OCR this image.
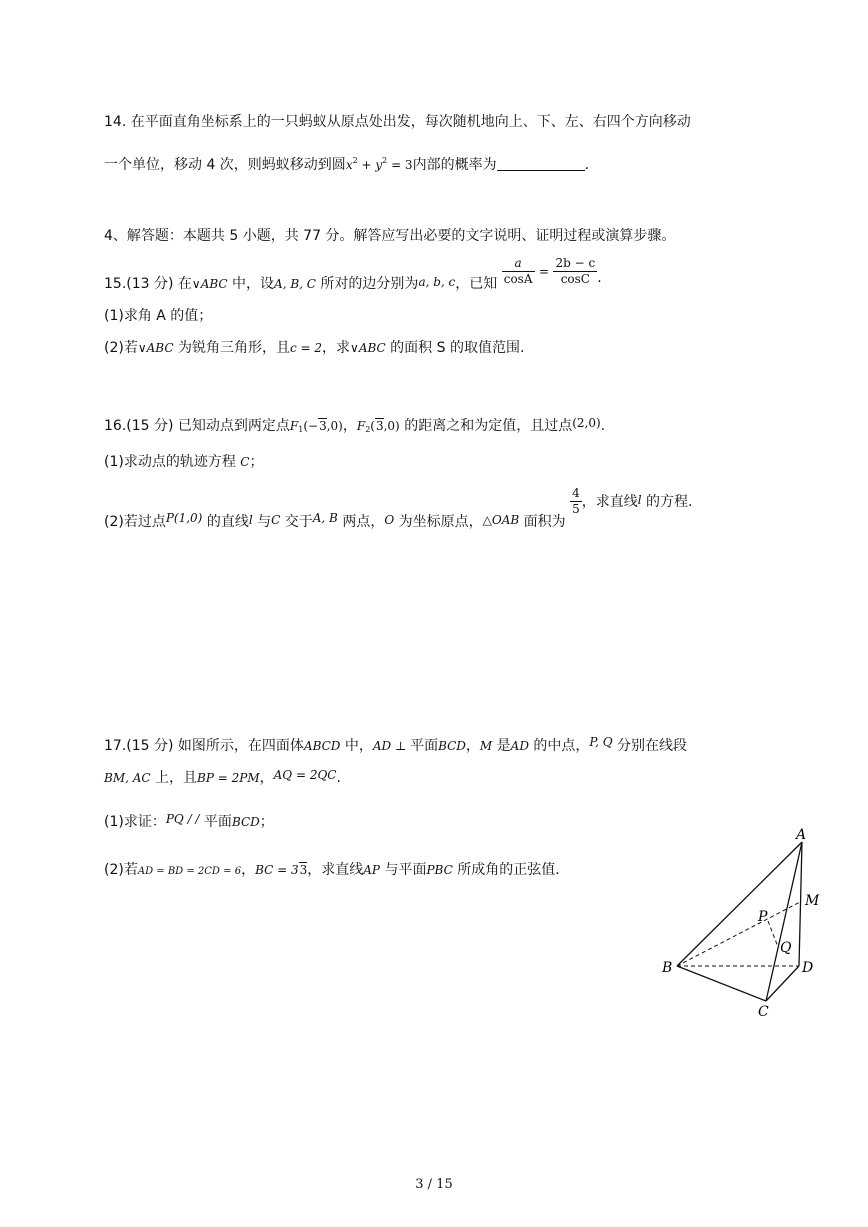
14. 在平面直角坐标系上的一只蚂蚁从原点处出发，每次随机地向上、下、左、右四个方向移动
一个单位，移动 4 次，则蚂蚁移动到圆$x^2 + y^2 = 3$内部的概率为	.
4、解答题：本题共 5 小题，共 77 分。解答应写出必要的文字说明、证明过程或演算步骤。
15.(13 分) 在∨ABC 中，设A, B, C 所对的边分别为a, b, c，已知 $\frac{a}{\cos A} = \frac{2b - c}{\cos C}$ .
(1)求角 A 的值；
(2)若∨ABC 为锐角三角形，且c = 2，求∨ABC 的面积 S 的取值范围.
16.(15 分) 已知动点到两定点$F_1(-3,0)$，$F_2(3,0)$ 的距离之和为定值，且过点(2,0).
(1)求动点的轨迹方程 C；
(2)若过点P(1,0) 的直线l 与C 交于A, B 两点，O 为坐标原点，△OAB 面积为
$\frac{4}{5}$ ，求直线l 的方程.
17.(15 分) 如图所示，在四面体ABCD 中，AD ⊥ 平面BCD，M 是AD 的中点，P, Q 分别在线段
BM, AC 上，且BP = 2PM，AQ = 2QC.
(1)求证：PQ / / 平面BCD；
(2)若AD = BD = 2CD = 6，BC = 33，求直线AP 与平面PBC 所成角的正弦值.
A
M
P
Q
B	D
C
3 / 15
